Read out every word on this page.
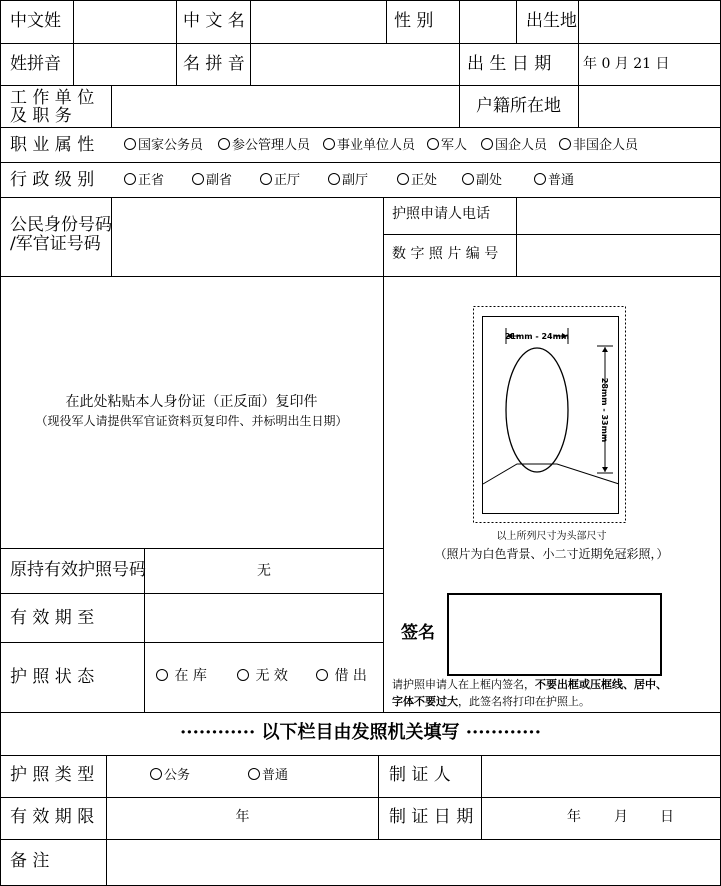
中文姓	中 文 名	性 别	出生地
姓拼音	名 拼 音	出 生 日 期 年 0 月 21 日
工 作 单 位
及 职 务	户籍所在地
职 业 属 性	国家公务员	参公管理人员	事业单位人员	军人	国企人员	非国企人员
行 政 级 别	正省	副省	正厅	副厅	正处	副处	普通
公民身份号码
/军官证号码
护照申请人电话
数 字 照 片 编 号
在此处粘贴本人身份证（正反面）复印件
（现役军人请提供军官证资料页复印件、并标明出生日期）
21mm - 24mm
28mm - 33mm
以上所列尺寸为头部尺寸
（照片为白色背景、小二寸近期免冠彩照，）
原持有效护照号码	无
有 效 期 至
护 照 状 态	在 库	无 效	借 出
签名
请护照申请人在上框内签名，不要出框或压框线、居中、
字体不要过大，此签名将打印在护照上。
············ 以下栏目由发照机关填写 ············
护 照 类 型	公务	普通	制 证 人
有 效 期 限	年	制 证 日 期	年 月 日
备 注
